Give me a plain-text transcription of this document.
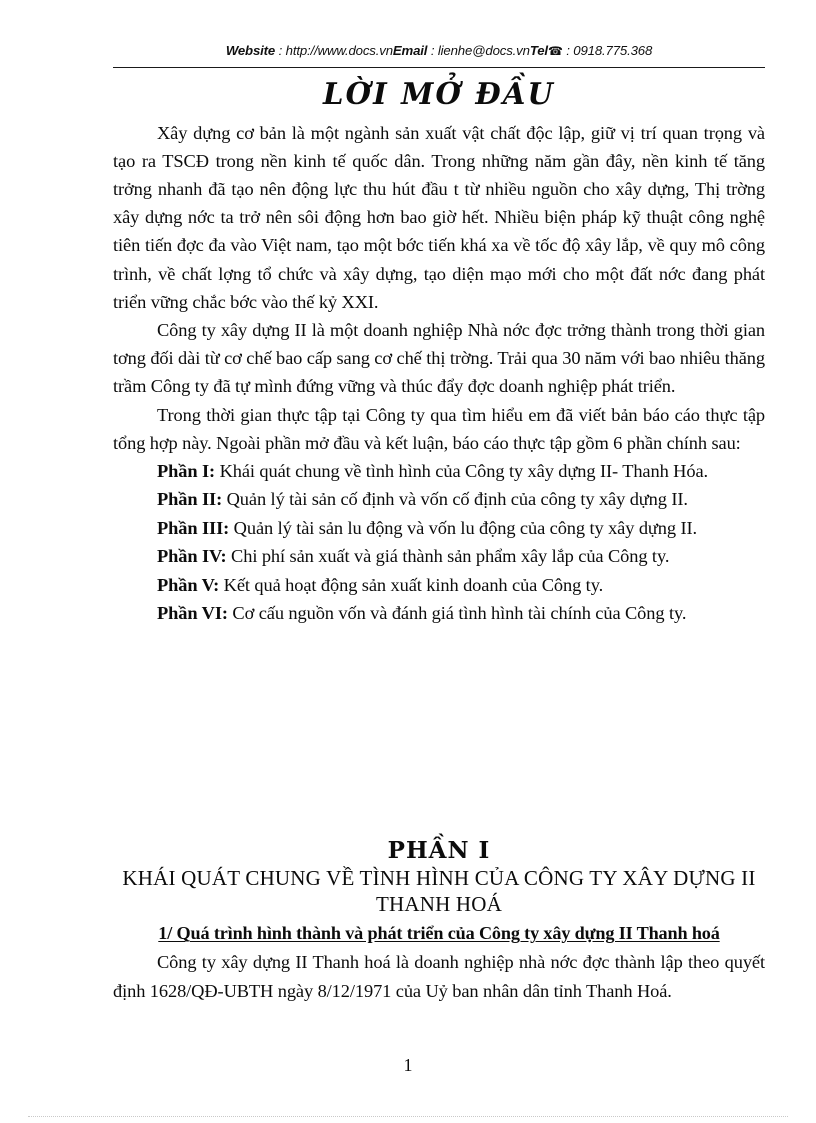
Website : http://www.docs.vnEmail : lienhe@docs.vnTel☎ : 0918.775.368
LỜI MỞ ĐẦU

Xây dựng cơ bản là một ngành sản xuất vật chất độc lập, giữ vị trí quan trọng và tạo ra TSCĐ trong nền kinh tế quốc dân. Trong những năm gần đây, nền kinh tế tăng trởng nhanh đã tạo nên động lực thu hút đầu t từ nhiều nguồn cho xây dựng, Thị trờng xây dựng nớc ta trở nên sôi động hơn bao giờ hết. Nhiều biện pháp kỹ thuật công nghệ tiên tiến đợc đa vào Việt nam, tạo một bớc tiến khá xa về tốc độ xây lắp, về quy mô công trình, về chất lợng tổ chức và xây dựng, tạo diện mạo mới cho một đất nớc đang phát triển vững chắc bớc vào thế kỷ XXI.

Công ty xây dựng II là một doanh nghiệp Nhà nớc đợc trởng thành trong thời gian tơng đối dài từ cơ chế bao cấp sang cơ chế thị trờng. Trải qua 30 năm với bao nhiêu thăng trầm Công ty đã tự mình đứng vững và thúc đẩy đợc doanh nghiệp phát triển.

Trong thời gian thực tập tại Công ty qua tìm hiểu em đã viết bản báo cáo thực tập tổng hợp này. Ngoài phần mở đầu và kết luận, báo cáo thực tập gồm 6 phần chính sau:

Phần I: Khái quát chung về tình hình của Công ty xây dựng II- Thanh Hóa.
Phần II: Quản lý tài sản cố định và vốn cố định của công ty xây dựng II.
Phần III: Quản lý tài sản lu động và vốn lu động của công ty xây dựng II.
Phần IV: Chi phí sản xuất và giá thành sản phẩm xây lắp của Công ty.
Phần V: Kết quả hoạt động sản xuất kinh doanh của Công ty.
Phần VI: Cơ cấu nguồn vốn và đánh giá tình hình tài chính của Công ty.
PHẦN I
KHÁI QUÁT CHUNG VỀ TÌNH HÌNH CỦA CÔNG TY XÂY DỰNG II THANH HOÁ
1/ Quá trình hình thành và phát triển của Công ty xây dựng II Thanh hoá

Công ty xây dựng II Thanh hoá là doanh nghiệp nhà nớc đợc thành lập theo quyết định 1628/QĐ-UBTH ngày 8/12/1971 của Uỷ ban nhân dân tỉnh Thanh Hoá.

1
